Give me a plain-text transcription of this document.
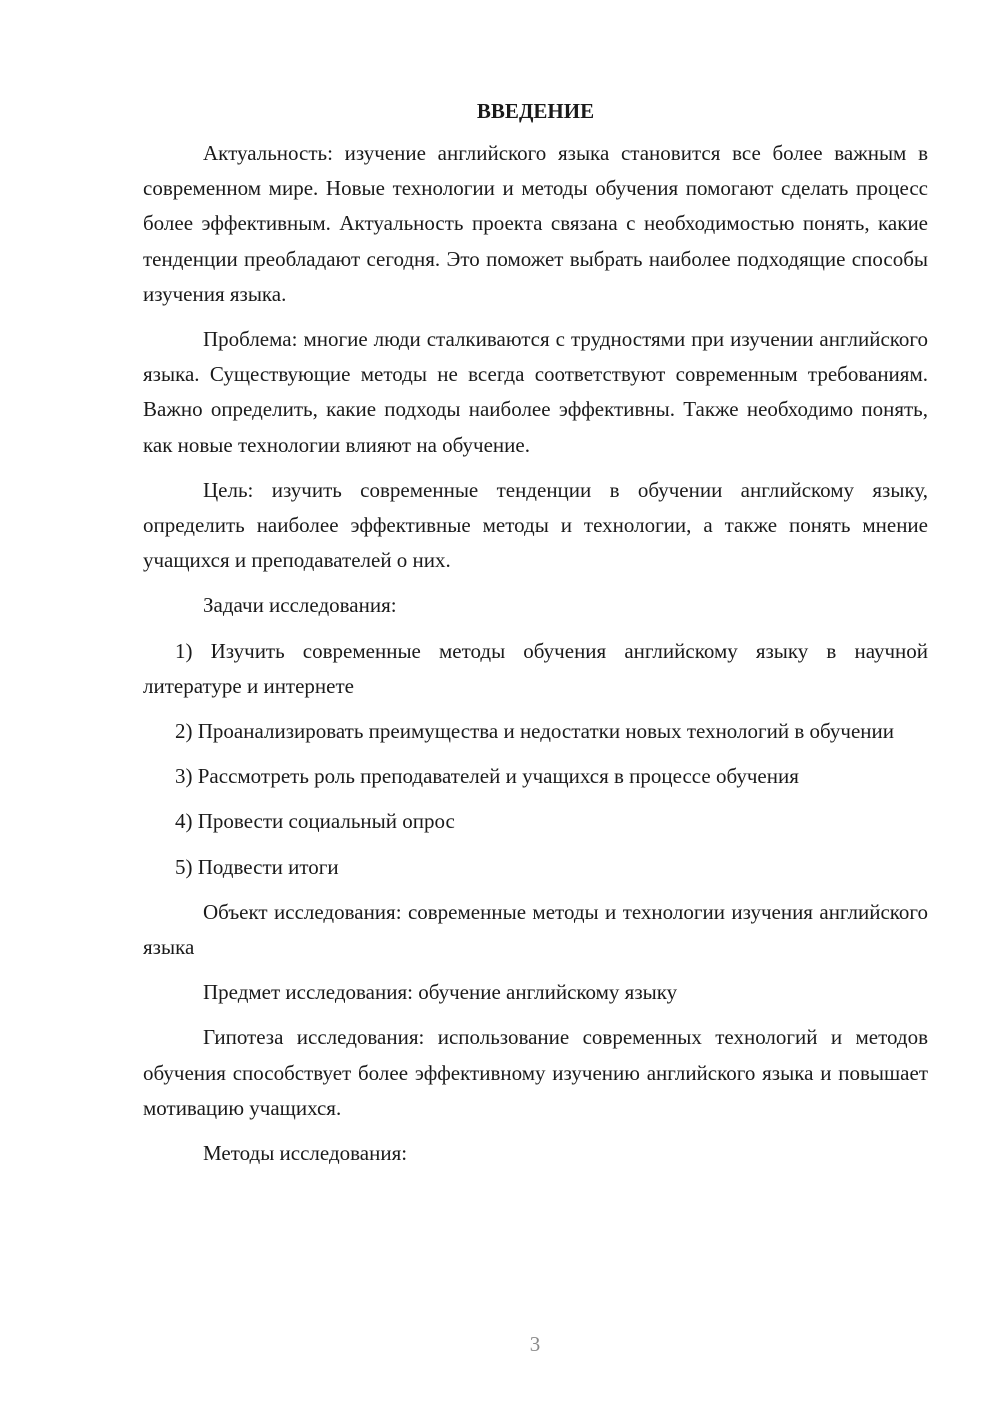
ВВЕДЕНИЕ

Актуальность: изучение английского языка становится все более важным в современном мире. Новые технологии и методы обучения помогают сделать процесс более эффективным. Актуальность проекта связана с необходимостью понять, какие тенденции преобладают сегодня. Это поможет выбрать наиболее подходящие способы изучения языка.

Проблема: многие люди сталкиваются с трудностями при изучении английского языка. Существующие методы не всегда соответствуют современным требованиям. Важно определить, какие подходы наиболее эффективны. Также необходимо понять, как новые технологии влияют на обучение.

Цель: изучить современные тенденции в обучении английскому языку, определить наиболее эффективные методы и технологии, а также понять мнение учащихся и преподавателей о них.

Задачи исследования:

1) Изучить современные методы обучения английскому языку в научной литературе и интернете

2) Проанализировать преимущества и недостатки новых технологий в обучении

3) Рассмотреть роль преподавателей и учащихся в процессе обучения

4) Провести социальный опрос

5) Подвести итоги

Объект исследования: современные методы и технологии изучения английского языка

Предмет исследования: обучение английскому языку

Гипотеза исследования: использование современных технологий и методов обучения способствует более эффективному изучению английского языка и повышает мотивацию учащихся.

Методы исследования:

3
